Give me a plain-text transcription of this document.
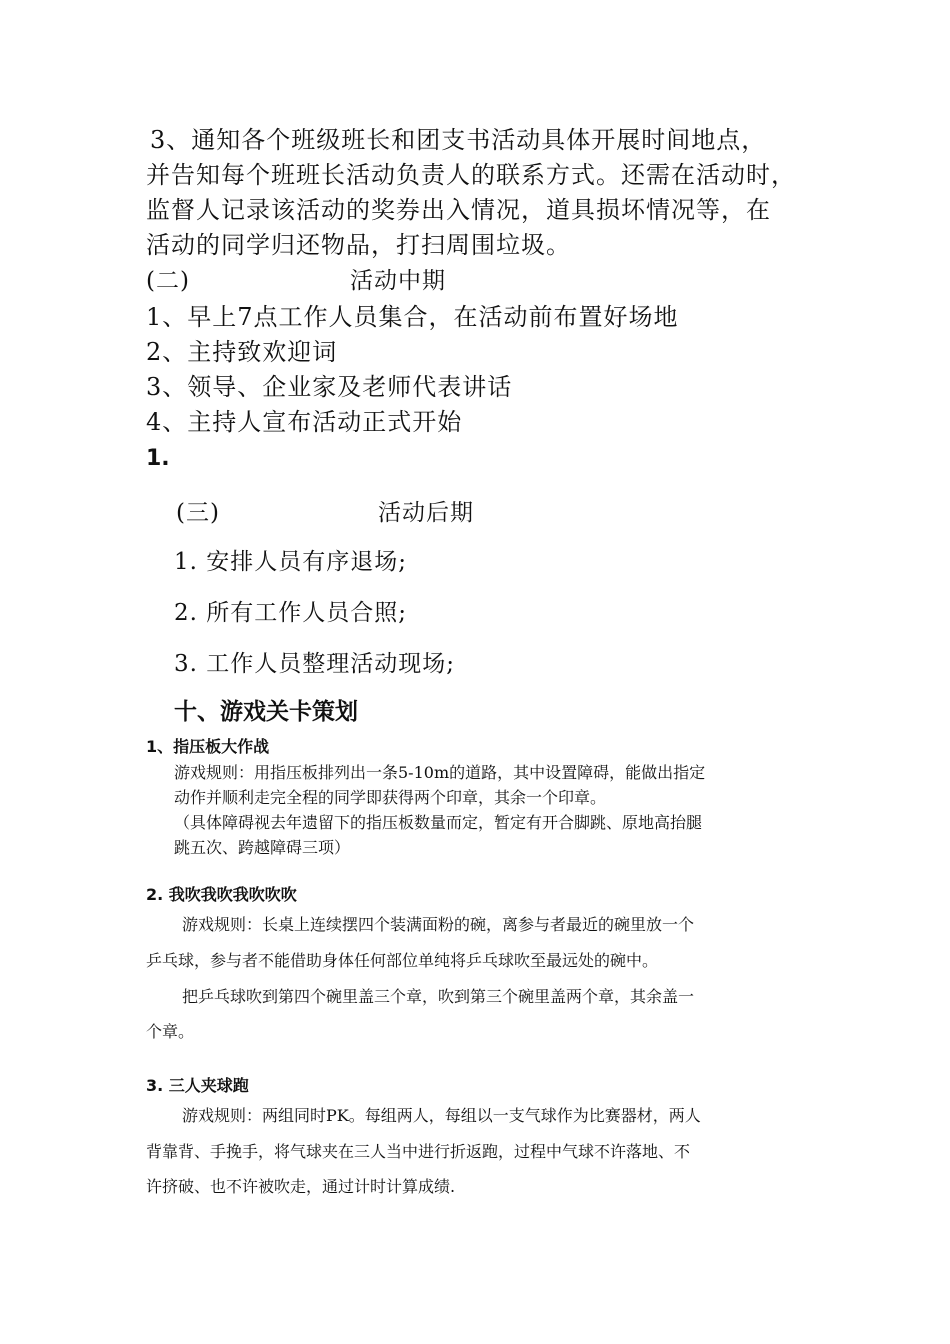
3、通知各个班级班长和团支书活动具体开展时间地点，
并告知每个班班长活动负责人的联系方式。还需在活动时，
监督人记录该活动的奖券出入情况，道具损坏情况等，在
活动的同学归还物品，打扫周围垃圾。
(二)	活动中期
1、早上7点工作人员集合，在活动前布置好场地
2、主持致欢迎词
3、领导、企业家及老师代表讲话
4、主持人宣布活动正式开始
1.
(三)	活动后期
1. 安排人员有序退场;
2. 所有工作人员合照;
3. 工作人员整理活动现场;
十、游戏关卡策划
1、指压板大作战
游戏规则：用指压板排列出一条5-10m的道路，其中设置障碍，能做出指定
动作并顺利走完全程的同学即获得两个印章，其余一个印章。
（具体障碍视去年遗留下的指压板数量而定，暂定有开合脚跳、原地高抬腿
跳五次、跨越障碍三项）
2. 我吹我吹我吹吹吹
游戏规则：长桌上连续摆四个装满面粉的碗，离参与者最近的碗里放一个
乒乓球，参与者不能借助身体任何部位单纯将乒乓球吹至最远处的碗中。
把乒乓球吹到第四个碗里盖三个章，吹到第三个碗里盖两个章，其余盖一
个章。
3. 三人夹球跑
游戏规则：两组同时PK。每组两人，每组以一支气球作为比赛器材，两人
背靠背、手挽手，将气球夹在三人当中进行折返跑，过程中气球不许落地、不
许挤破、也不许被吹走，通过计时计算成绩.
